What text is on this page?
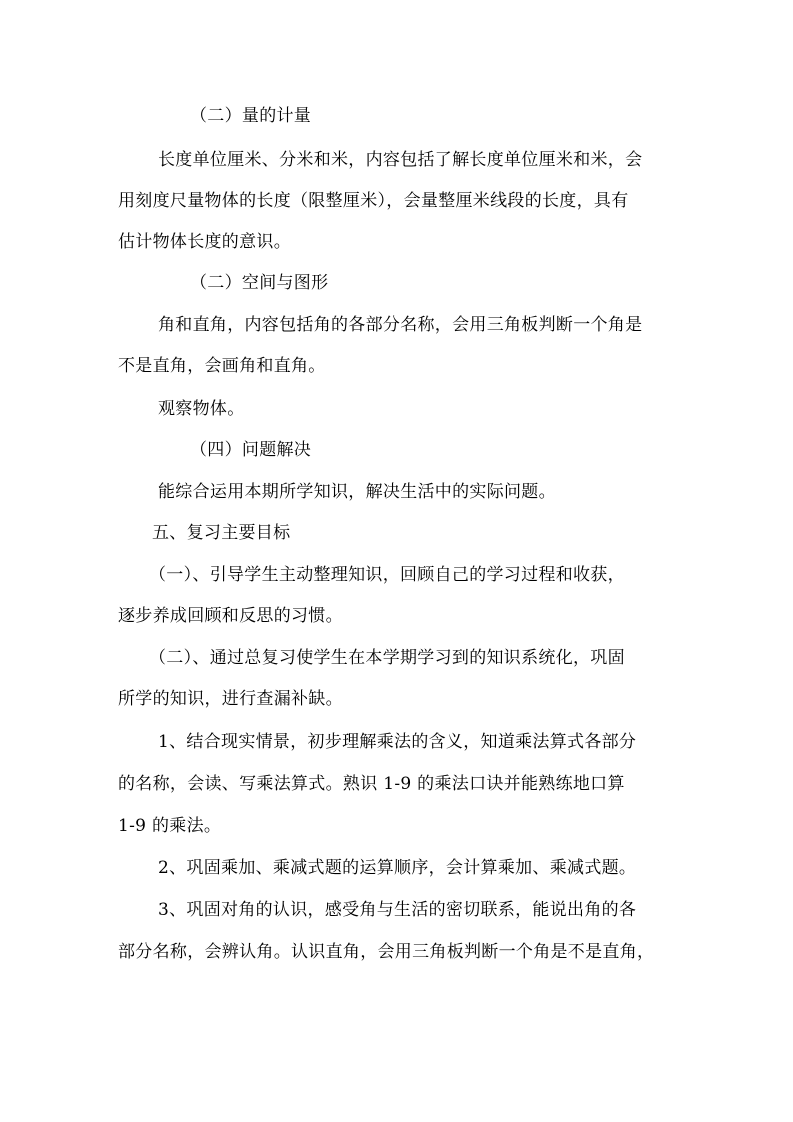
（二）量的计量
长度单位厘米、分米和米，内容包括了解长度单位厘米和米，会
用刻度尺量物体的长度（限整厘米），会量整厘米线段的长度，具有
估计物体长度的意识。
（二）空间与图形
角和直角，内容包括角的各部分名称，会用三角板判断一个角是
不是直角，会画角和直角。
观察物体。
（四）问题解决
能综合运用本期所学知识，解决生活中的实际问题。
五、复习主要目标
（一）、引导学生主动整理知识，回顾自己的学习过程和收获，
逐步养成回顾和反思的习惯。
（二）、通过总复习使学生在本学期学习到的知识系统化，巩固
所学的知识，进行查漏补缺。
1、结合现实情景，初步理解乘法的含义，知道乘法算式各部分
的名称，会读、写乘法算式。熟识 1-9 的乘法口诀并能熟练地口算
1-9 的乘法。
2、巩固乘加、乘减式题的运算顺序，会计算乘加、乘减式题。
3、巩固对角的认识，感受角与生活的密切联系，能说出角的各
部分名称，会辨认角。认识直角，会用三角板判断一个角是不是直角，
